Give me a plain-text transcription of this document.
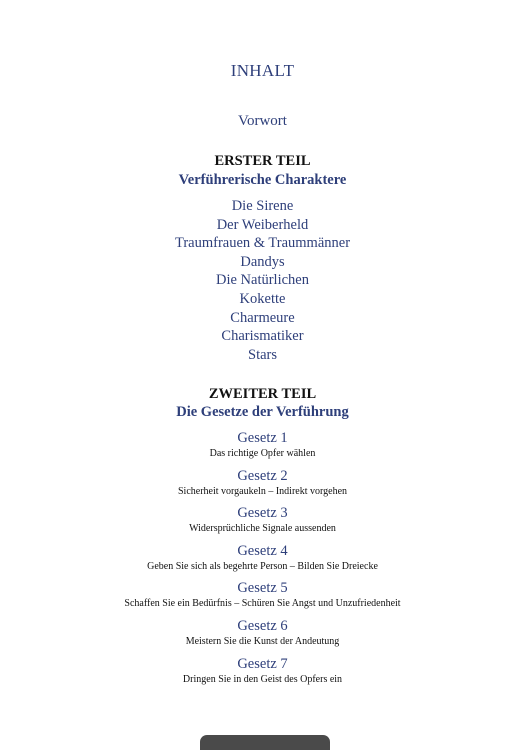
INHALT
Vorwort
ERSTER TEIL
Verführerische Charaktere
Die Sirene
Der Weiberheld
Traumfrauen & Traummänner
Dandys
Die Natürlichen
Kokette
Charmeure
Charismatiker
Stars
ZWEITER TEIL
Die Gesetze der Verführung
Gesetz 1
Das richtige Opfer wählen
Gesetz 2
Sicherheit vorgaukeln – Indirekt vorgehen
Gesetz 3
Widersprüchliche Signale aussenden
Gesetz 4
Geben Sie sich als begehrte Person – Bilden Sie Dreiecke
Gesetz 5
Schaffen Sie ein Bedürfnis – Schüren Sie Angst und Unzufriedenheit
Gesetz 6
Meistern Sie die Kunst der Andeutung
Gesetz 7
Dringen Sie in den Geist des Opfers ein
